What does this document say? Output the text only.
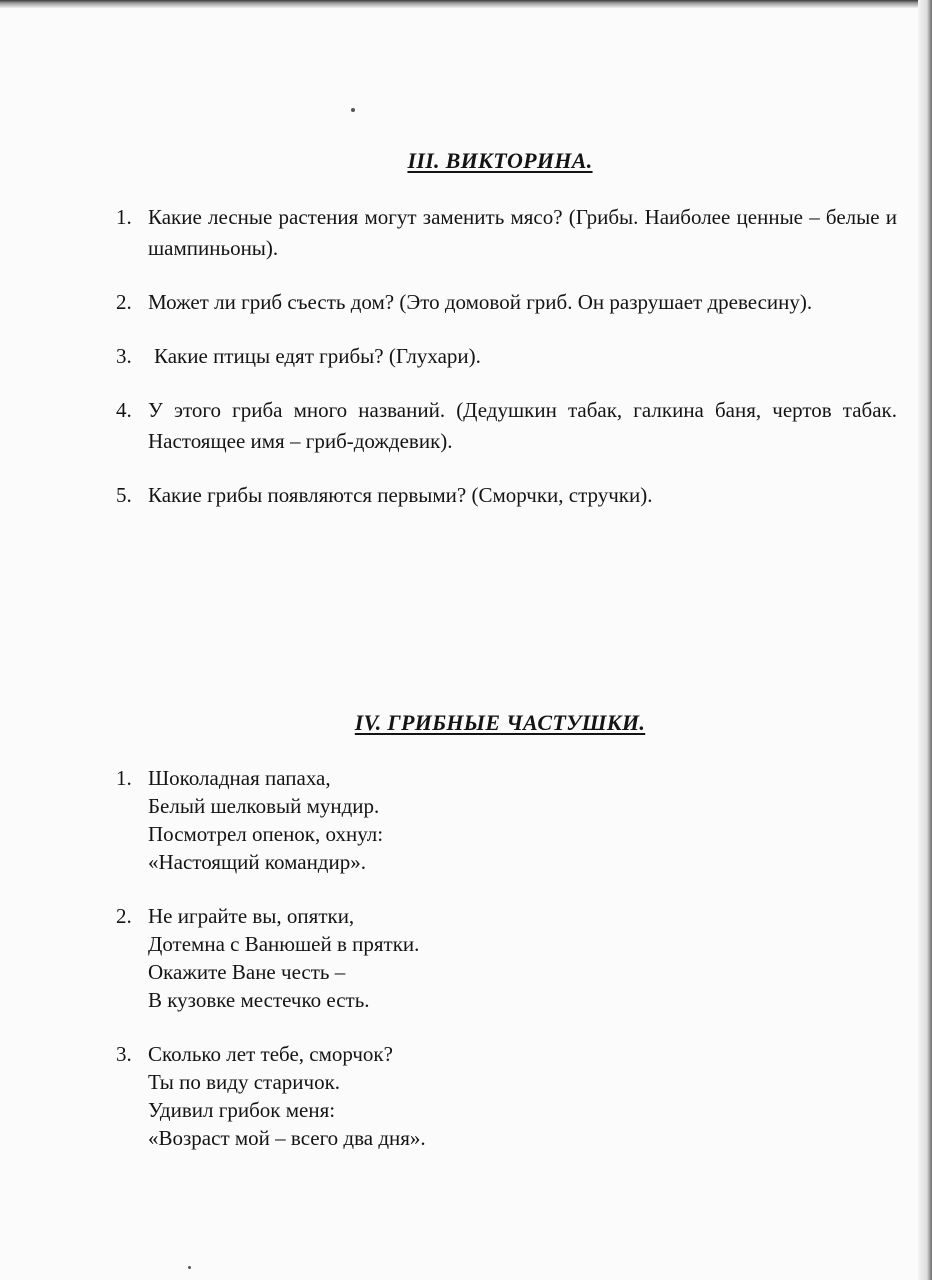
III. ВИКТОРИНА.
1. Какие лесные растения могут заменить мясо? (Грибы. Наиболее ценные – белые и шампиньоны).
2. Может ли гриб съесть дом? (Это домовой гриб. Он разрушает древесину).
3.	Какие птицы едят грибы? (Глухари).
4. У этого гриба много названий. (Дедушкин табак, галкина баня, чертов табак. Настоящее имя – гриб-дождевик).
5. Какие грибы появляются первыми? (Сморчки, стручки).
IV. ГРИБНЫЕ ЧАСТУШКИ.
1. Шоколадная папаха,
Белый шелковый мундир.
Посмотрел опенок, охнул:
«Настоящий командир».
2. Не играйте вы, опятки,
Дотемна с Ванюшей в прятки.
Окажите Ване честь –
В кузовке местечко есть.
3. Сколько лет тебе, сморчок?
Ты по виду старичок.
Удивил грибок меня:
«Возраст мой – всего два дня».
